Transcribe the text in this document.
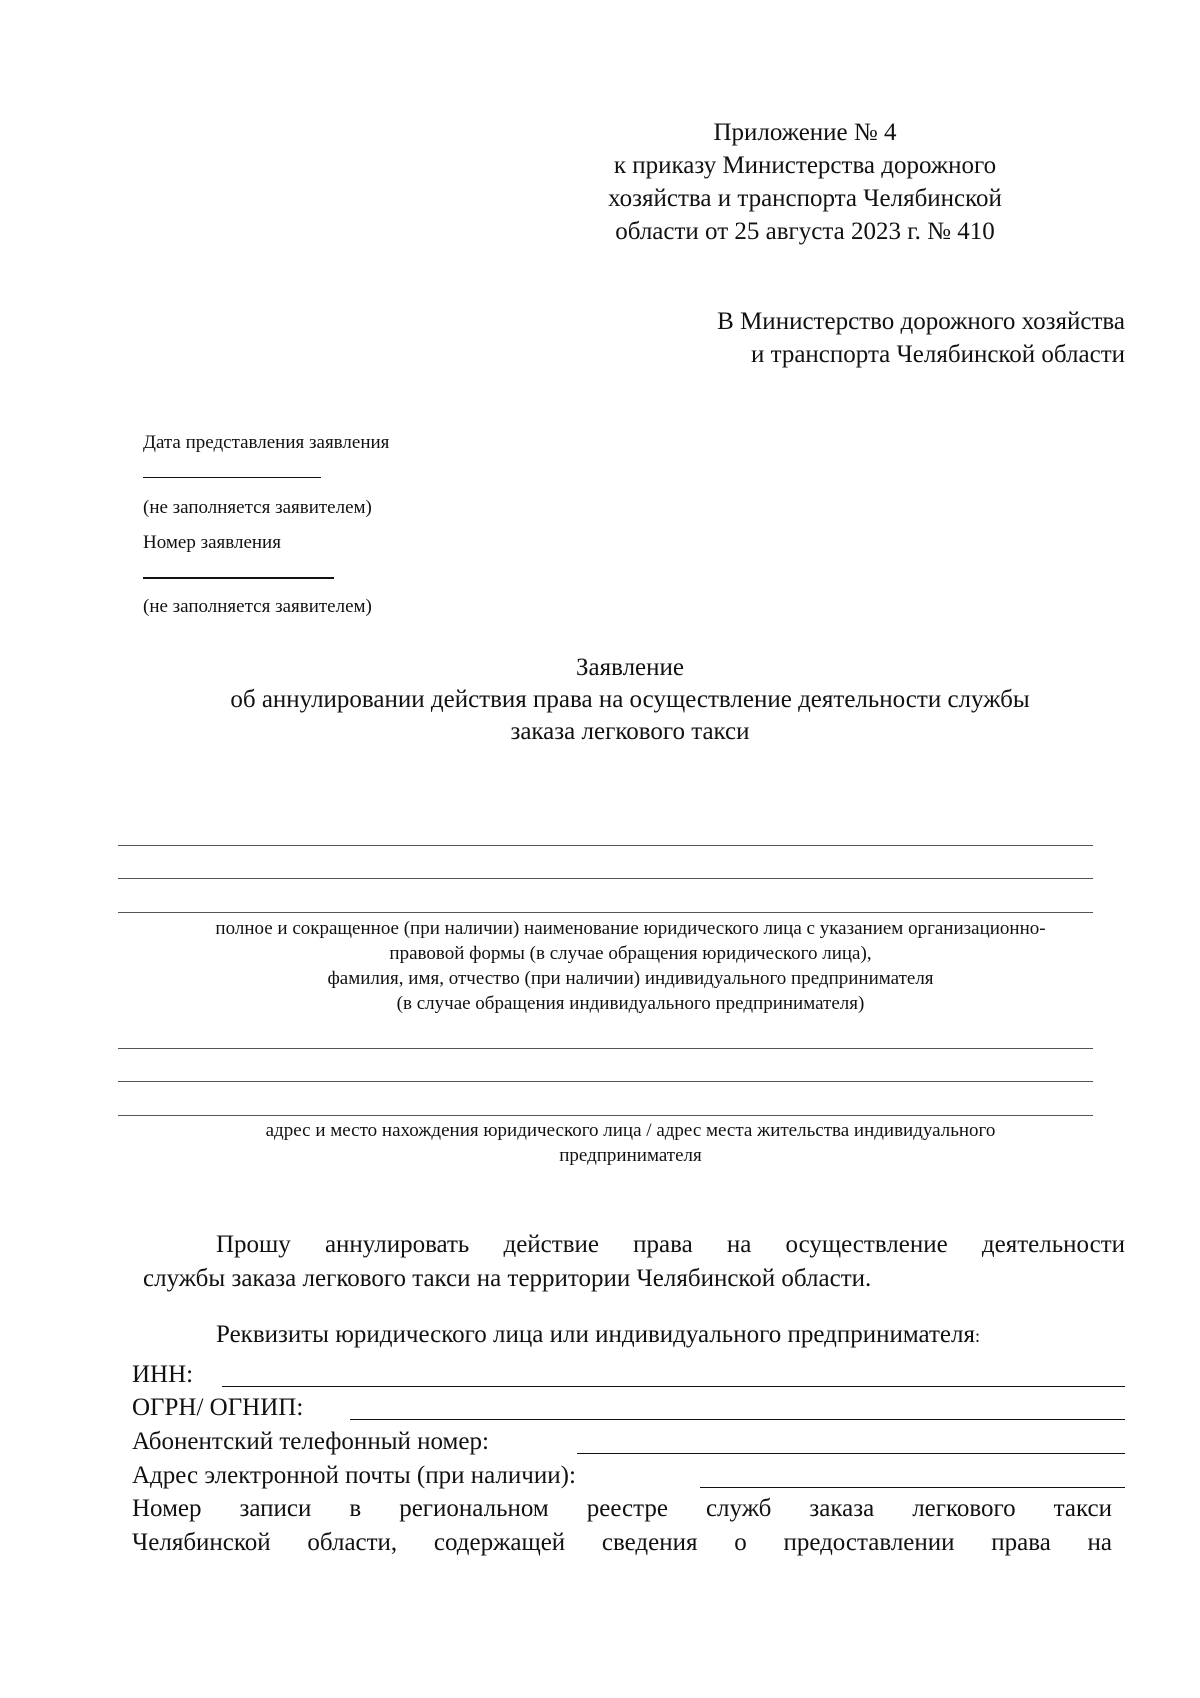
Приложение № 4
к приказу Министерства дорожного
хозяйства и транспорта Челябинской
области от 25 августа 2023 г. № 410
В Министерство дорожного хозяйства
и транспорта Челябинской области
Дата представления заявления
(не заполняется заявителем)
Номер заявления
(не заполняется заявителем)
Заявление
об аннулировании действия права на осуществление деятельности службы
заказа легкового такси
полное и сокращенное (при наличии) наименование юридического лица с указанием организационно-
правовой формы (в случае обращения юридического лица),
фамилия, имя, отчество (при наличии) индивидуального предпринимателя
(в случае обращения индивидуального предпринимателя)
адрес и место нахождения юридического лица / адрес места жительства индивидуального
предпринимателя
Прошу аннулировать действие права на осуществление деятельности
службы заказа легкового такси на территории Челябинской области.
Реквизиты юридического лица или индивидуального предпринимателя:
ИНН:
ОГРН/ ОГНИП:
Абонентский телефонный номер:
Адрес электронной почты (при наличии):
Номер записи в региональном реестре служб заказа легкового такси
Челябинской области, содержащей сведения о предоставлении права на
